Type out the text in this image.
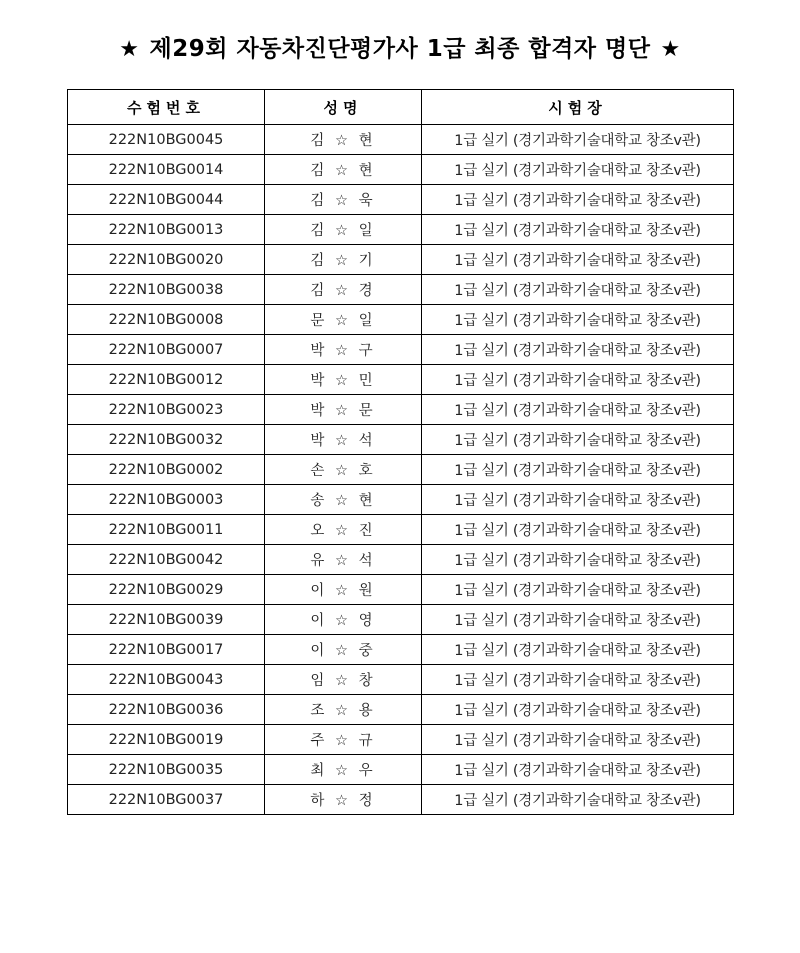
★ 제29회 자동차진단평가사 1급 최종 합격자 명단 ★
수험번호	성명	시험장
222N10BG0045	김 ☆ 현	1급 실기 (경기과학기술대학교 창조v관)
222N10BG0014	김 ☆ 현	1급 실기 (경기과학기술대학교 창조v관)
222N10BG0044	김 ☆ 욱	1급 실기 (경기과학기술대학교 창조v관)
222N10BG0013	김 ☆ 일	1급 실기 (경기과학기술대학교 창조v관)
222N10BG0020	김 ☆ 기	1급 실기 (경기과학기술대학교 창조v관)
222N10BG0038	김 ☆ 경	1급 실기 (경기과학기술대학교 창조v관)
222N10BG0008	문 ☆ 일	1급 실기 (경기과학기술대학교 창조v관)
222N10BG0007	박 ☆ 구	1급 실기 (경기과학기술대학교 창조v관)
222N10BG0012	박 ☆ 민	1급 실기 (경기과학기술대학교 창조v관)
222N10BG0023	박 ☆ 문	1급 실기 (경기과학기술대학교 창조v관)
222N10BG0032	박 ☆ 석	1급 실기 (경기과학기술대학교 창조v관)
222N10BG0002	손 ☆ 호	1급 실기 (경기과학기술대학교 창조v관)
222N10BG0003	송 ☆ 현	1급 실기 (경기과학기술대학교 창조v관)
222N10BG0011	오 ☆ 진	1급 실기 (경기과학기술대학교 창조v관)
222N10BG0042	유 ☆ 석	1급 실기 (경기과학기술대학교 창조v관)
222N10BG0029	이 ☆ 원	1급 실기 (경기과학기술대학교 창조v관)
222N10BG0039	이 ☆ 영	1급 실기 (경기과학기술대학교 창조v관)
222N10BG0017	이 ☆ 중	1급 실기 (경기과학기술대학교 창조v관)
222N10BG0043	임 ☆ 창	1급 실기 (경기과학기술대학교 창조v관)
222N10BG0036	조 ☆ 용	1급 실기 (경기과학기술대학교 창조v관)
222N10BG0019	주 ☆ 규	1급 실기 (경기과학기술대학교 창조v관)
222N10BG0035	최 ☆ 우	1급 실기 (경기과학기술대학교 창조v관)
222N10BG0037	하 ☆ 정	1급 실기 (경기과학기술대학교 창조v관)
